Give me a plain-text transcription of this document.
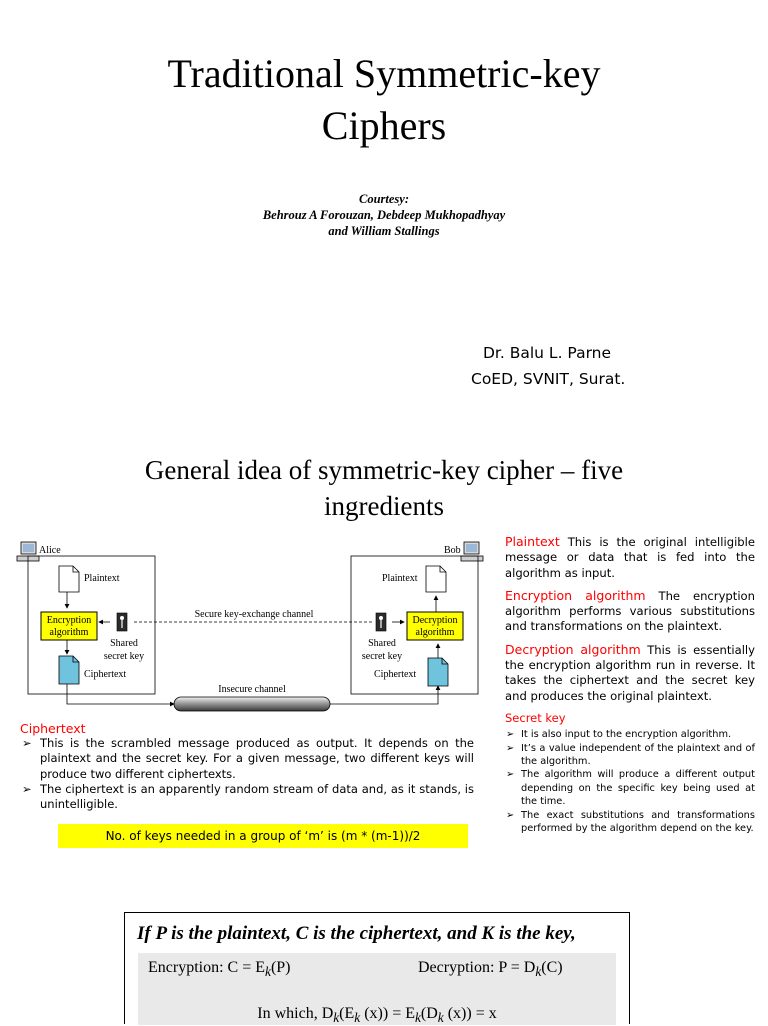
Traditional Symmetric-key
Ciphers
Courtesy:
Behrouz A Forouzan, Debdeep Mukhopadhyay
and William Stallings
Dr. Balu L. Parne
CoED, SVNIT, Surat.
General idea of symmetric-key cipher – five
ingredients
Alice	Bob
Plaintext
Encryption
algorithm
Shared
secret key
Ciphertext
Secure key-exchange channel
Plaintext
Decryption
algorithm
Shared
secret key
Ciphertext
Insecure channel
Ciphertext
➢ This is the scrambled message produced as output. It depends on the plaintext and the secret key. For a given message, two different keys will produce two different ciphertexts.
➢ The ciphertext is an apparently random stream of data and, as it stands, is unintelligible.
No. of keys needed in a group of ‘m’ is (m * (m-1))/2

Plaintext This is the original intelligible message or data that is fed into the algorithm as input.

Encryption algorithm The encryption algorithm performs various substitutions and transformations on the plaintext.

Decryption algorithm This is essentially the encryption algorithm run in reverse. It takes the ciphertext and the secret key and produces the original plaintext.

Secret key
➢ It is also input to the encryption algorithm.
➢ It’s a value independent of the plaintext and of the algorithm.
➢ The algorithm will produce a different output depending on the specific key being used at the time.
➢ The exact substitutions and transformations performed by the algorithm depend on the key.
If P is the plaintext, C is the ciphertext, and K is the key,
Encryption: $C = E_k(P)$	Decryption: $P = D_k(C)$
In which, $D_k(E_k$ $(x)) = E_k(D_k$ (x)) = x
